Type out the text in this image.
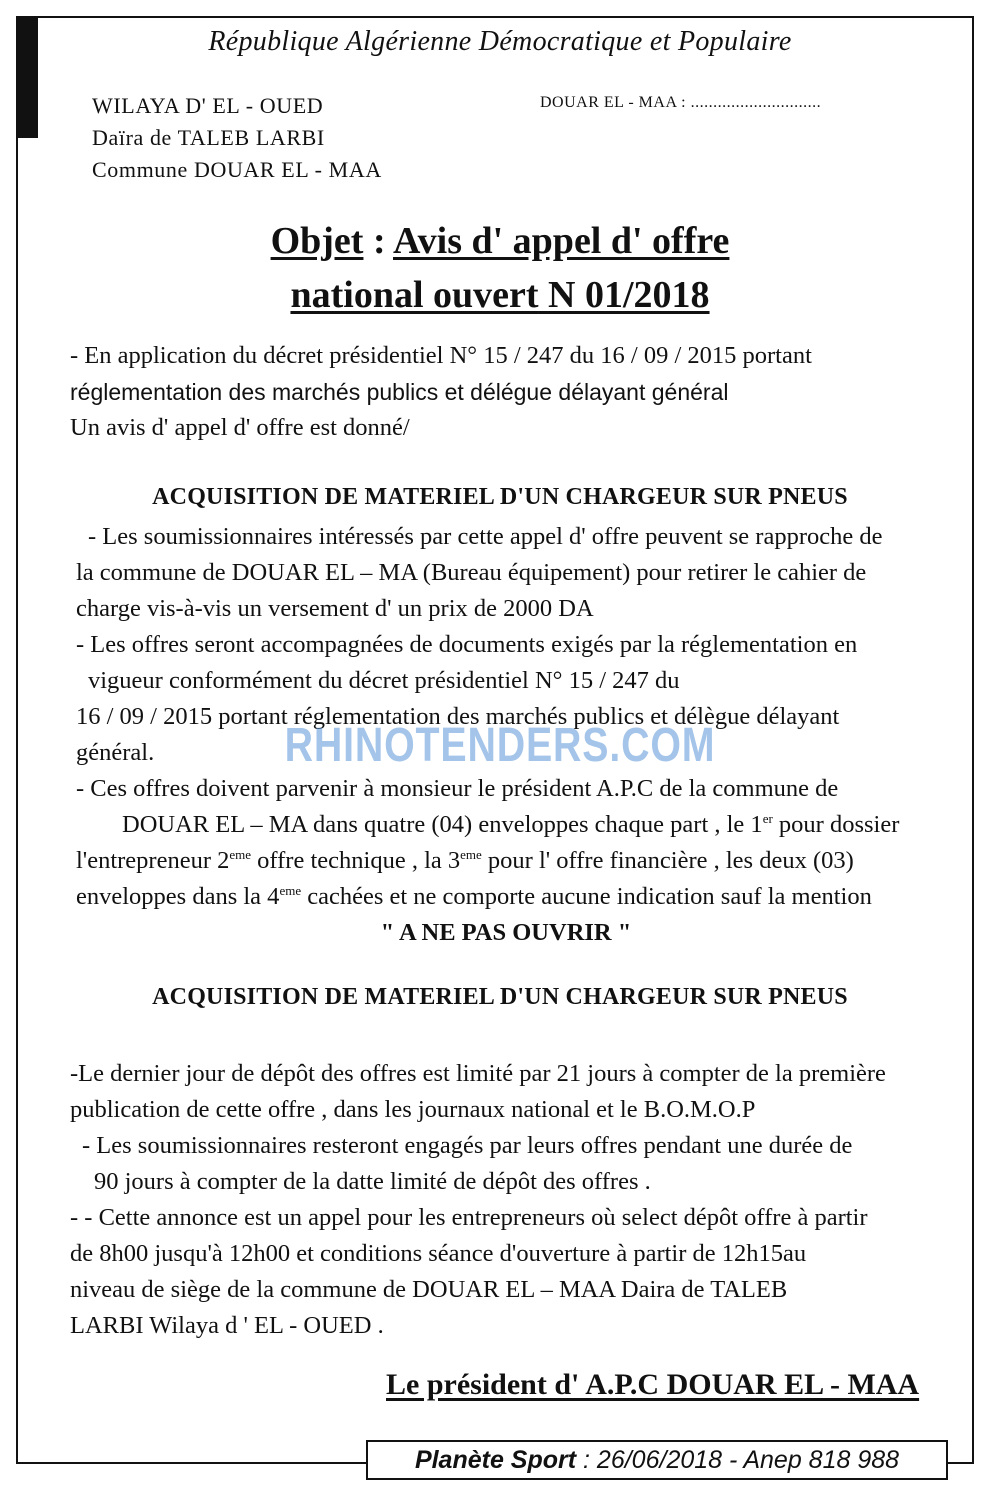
République Algérienne Démocratique et Populaire
WILAYA D' EL - OUED
Daïra de TALEB LARBI
Commune DOUAR EL - MAA
DOUAR EL - MAA : .............................
Objet : Avis d' appel d' offre
national ouvert N 01/2018
- En application du décret présidentiel N° 15 / 247 du 16 / 09 / 2015 portant
réglementation des marchés publics et délégue délayant général
Un avis d' appel d' offre est donné/
ACQUISITION DE MATERIEL D'UN CHARGEUR SUR PNEUS
- Les soumissionnaires intéressés par cette appel d' offre peuvent se rapproche de
la commune de DOUAR EL – MA (Bureau équipement) pour retirer le cahier de
charge vis-à-vis un versement d' un prix de 2000 DA
- Les offres seront accompagnées de documents exigés par la réglementation en
vigueur conformément du décret présidentiel N° 15 / 247 du
16 / 09 / 2015 portant réglementation des marchés publics et délègue délayant
général.
- Ces offres doivent parvenir à monsieur le président A.P.C de la commune de
DOUAR EL – MA dans quatre (04) enveloppes chaque part , le 1er pour dossier
l'entrepreneur 2eme offre technique , la 3eme pour l' offre financière , les deux (03)
enveloppes dans la 4eme cachées et ne comporte aucune indication sauf la mention
" A NE PAS OUVRIR "
RHINOTENDERS.COM
ACQUISITION DE MATERIEL D'UN CHARGEUR SUR PNEUS
-Le dernier jour de dépôt des offres est limité par 21 jours à compter de la première
publication de cette offre , dans les journaux national et le B.O.M.O.P
- Les soumissionnaires resteront engagés par leurs offres pendant une durée de
90 jours à compter de la datte limité de dépôt des offres .
- - Cette annonce est un appel pour les entrepreneurs où select dépôt offre à partir
de 8h00 jusqu'à 12h00 et conditions séance d'ouverture à partir de 12h15au
niveau de siège de la commune de DOUAR EL – MAA Daira de TALEB
LARBI Wilaya d ' EL - OUED .
Le président d' A.P.C DOUAR EL - MAA
Planète Sport : 26/06/2018 - Anep 818 988
